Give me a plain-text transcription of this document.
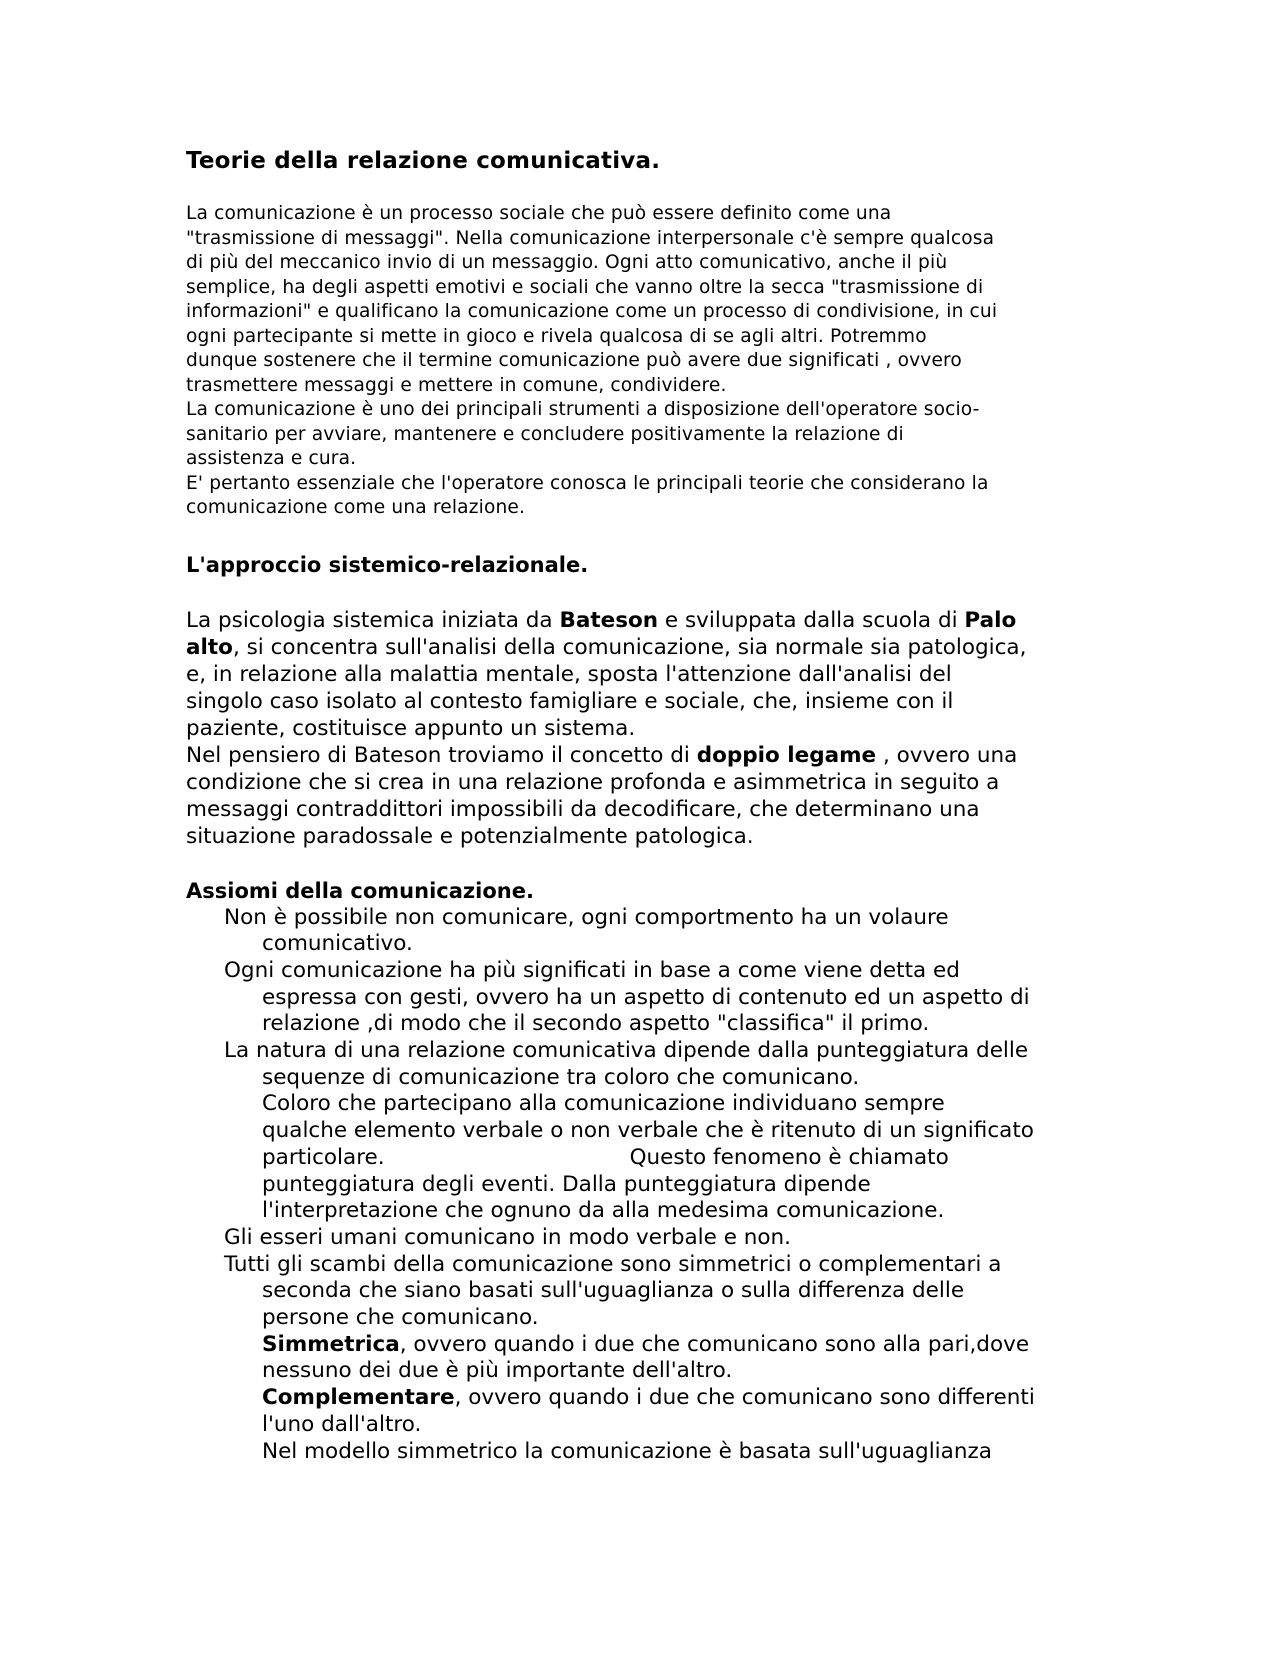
Teorie della relazione comunicativa.

La comunicazione è un processo sociale che può essere definito come una

"trasmissione di messaggi". Nella comunicazione interpersonale c'è sempre qualcosa

di più del meccanico invio di un messaggio. Ogni atto comunicativo, anche il più

semplice, ha degli aspetti emotivi e sociali che vanno oltre la secca "trasmissione di

informazioni" e qualificano la comunicazione come un processo di condivisione, in cui

ogni partecipante si mette in gioco e rivela qualcosa di se agli altri. Potremmo

dunque sostenere che il termine comunicazione può avere due significati , ovvero

trasmettere messaggi e mettere in comune, condividere.

La comunicazione è uno dei principali strumenti a disposizione dell'operatore socio-

sanitario per avviare, mantenere e concludere positivamente la relazione di

assistenza e cura.

E' pertanto essenziale che l'operatore conosca le principali teorie che considerano la

comunicazione come una relazione.

L'approccio sistemico-relazionale.

La psicologia sistemica iniziata da Bateson e sviluppata dalla scuola di Palo

alto, si concentra sull'analisi della comunicazione, sia normale sia patologica,

e, in relazione alla malattia mentale, sposta l'attenzione dall'analisi del

singolo caso isolato al contesto famigliare e sociale, che, insieme con il

paziente, costituisce appunto un sistema.

Nel pensiero di Bateson troviamo il concetto di doppio legame , ovvero una

condizione che si crea in una relazione profonda e asimmetrica in seguito a

messaggi contraddittori impossibili da decodificare, che determinano una

situazione paradossale e potenzialmente patologica.

Assiomi della comunicazione.

Non è possibile non comunicare, ogni comportmento ha un volaure

comunicativo.

Ogni comunicazione ha più significati in base a come viene detta ed

espressa con gesti, ovvero ha un aspetto di contenuto ed un aspetto di

relazione ,di modo che il secondo aspetto "classifica" il primo.

La natura di una relazione comunicativa dipende dalla punteggiatura delle

sequenze di comunicazione tra coloro che comunicano.

Coloro che partecipano alla comunicazione individuano sempre

qualche elemento verbale o non verbale che è ritenuto di un significato

particolare.	Questo fenomeno è chiamato

punteggiatura degli eventi. Dalla punteggiatura dipende

l'interpretazione che ognuno da alla medesima comunicazione.

Gli esseri umani comunicano in modo verbale e non.

Tutti gli scambi della comunicazione sono simmetrici o complementari a

seconda che siano basati sull'uguaglianza o sulla differenza delle

persone che comunicano.

Simmetrica, ovvero quando i due che comunicano sono alla pari,dove

nessuno dei due è più importante dell'altro.

Complementare, ovvero quando i due che comunicano sono differenti

l'uno dall'altro.

Nel modello simmetrico la comunicazione è basata sull'uguaglianza
